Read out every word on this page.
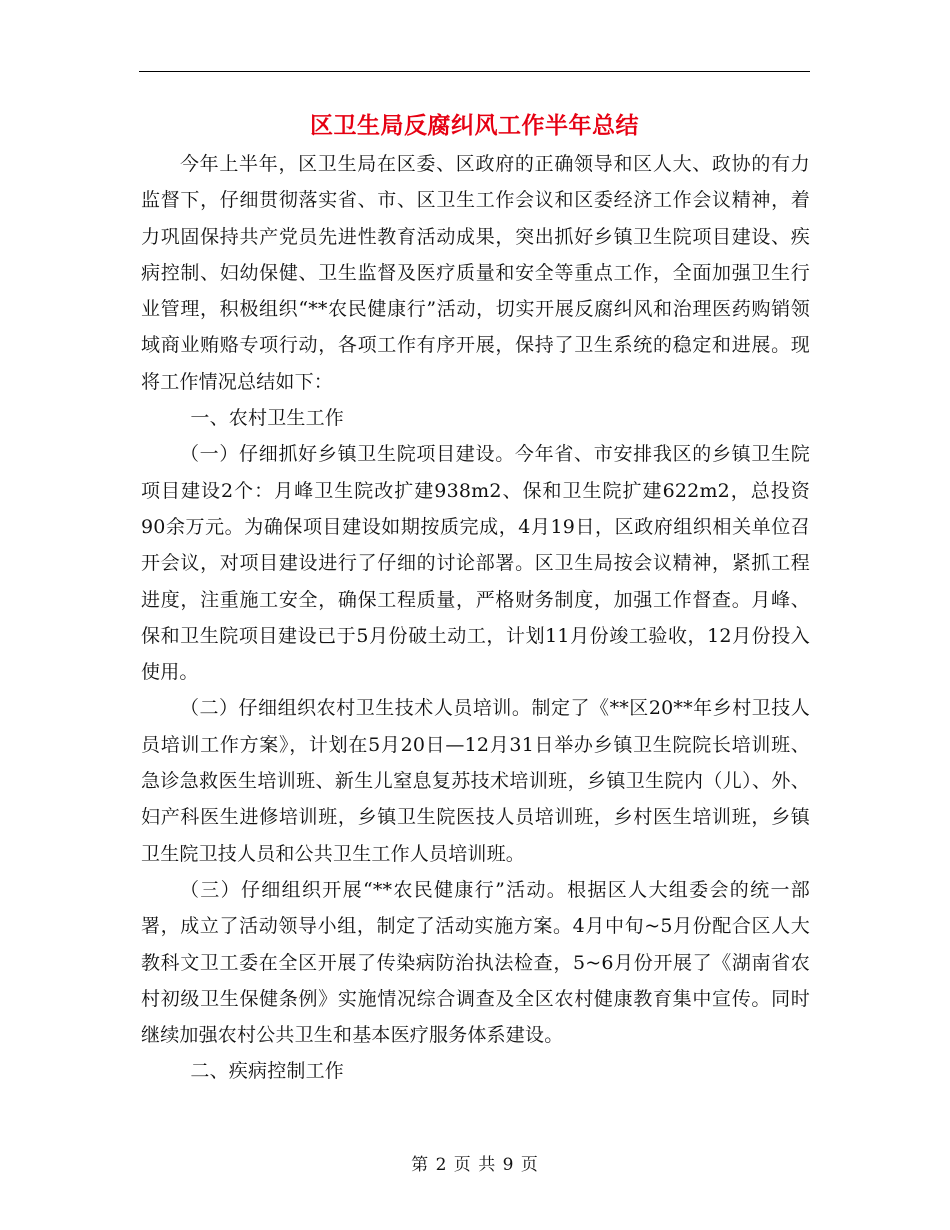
区卫生局反腐纠风工作半年总结

今年上半年，区卫生局在区委、区政府的正确领导和区人大、政协的有力监督下，仔细贯彻落实省、市、区卫生工作会议和区委经济工作会议精神，着力巩固保持共产党员先进性教育活动成果，突出抓好乡镇卫生院项目建设、疾病控制、妇幼保健、卫生监督及医疗质量和安全等重点工作，全面加强卫生行业管理，积极组织“**农民健康行”活动，切实开展反腐纠风和治理医药购销领域商业贿赂专项行动，各项工作有序开展，保持了卫生系统的稳定和进展。现将工作情况总结如下：

一、农村卫生工作

（一）仔细抓好乡镇卫生院项目建设。今年省、市安排我区的乡镇卫生院项目建设2个：月峰卫生院改扩建938m2、保和卫生院扩建622m2，总投资90余万元。为确保项目建设如期按质完成，4月19日，区政府组织相关单位召开会议，对项目建设进行了仔细的讨论部署。区卫生局按会议精神，紧抓工程进度，注重施工安全，确保工程质量，严格财务制度，加强工作督查。月峰、保和卫生院项目建设已于5月份破土动工，计划11月份竣工验收，12月份投入使用。

（二）仔细组织农村卫生技术人员培训。制定了《**区20**年乡村卫技人员培训工作方案》，计划在5月20日—12月31日举办乡镇卫生院院长培训班、急诊急救医生培训班、新生儿窒息复苏技术培训班，乡镇卫生院内（儿）、外、妇产科医生进修培训班，乡镇卫生院医技人员培训班，乡村医生培训班，乡镇卫生院卫技人员和公共卫生工作人员培训班。

（三）仔细组织开展“**农民健康行”活动。根据区人大组委会的统一部署，成立了活动领导小组，制定了活动实施方案。4月中旬~5月份配合区人大教科文卫工委在全区开展了传染病防治执法检查，5~6月份开展了《湖南省农村初级卫生保健条例》实施情况综合调查及全区农村健康教育集中宣传。同时继续加强农村公共卫生和基本医疗服务体系建设。

二、疾病控制工作

第 2 页 共 9 页
